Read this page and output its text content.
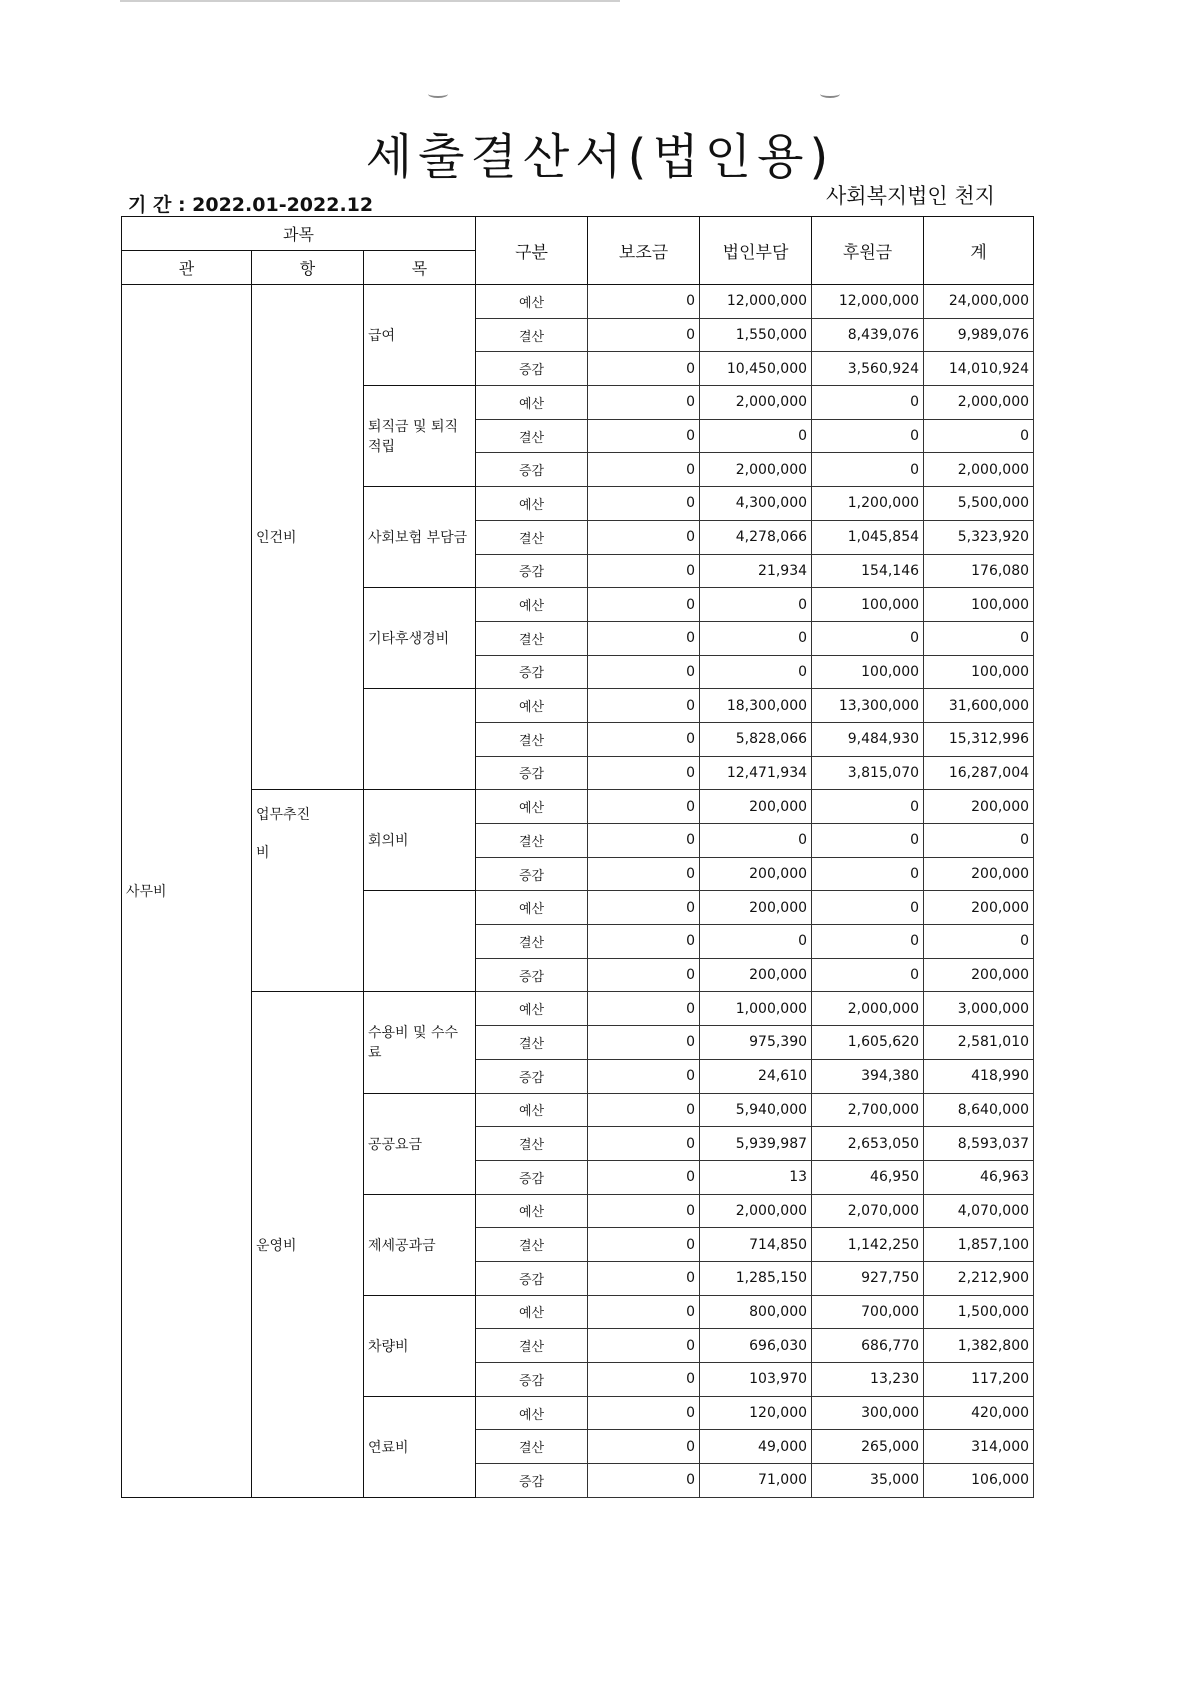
세출결산서(법인용)
기 간 : 2022.01-2022.12	사회복지법인 천지
과목			구분	보조금	법인부담	후원금	계
관	항	목					
사무비	인건비	급여	예산	0	12,000,000	12,000,000	24,000,000
			결산	0	1,550,000	8,439,076	9,989,076
			증감	0	10,450,000	3,560,924	14,010,924
		퇴직금 및 퇴직적립	예산	0	2,000,000	0	2,000,000
			결산	0	0	0	0
			증감	0	2,000,000	0	2,000,000
		사회보험 부담금	예산	0	4,300,000	1,200,000	5,500,000
			결산	0	4,278,066	1,045,854	5,323,920
			증감	0	21,934	154,146	176,080
		기타후생경비	예산	0	0	100,000	100,000
			결산	0	0	0	0
			증감	0	0	100,000	100,000
			예산	0	18,300,000	13,300,000	31,600,000
			결산	0	5,828,066	9,484,930	15,312,996
			증감	0	12,471,934	3,815,070	16,287,004

	업무추진
비	회의비	예산	0	200,000	0	200,000
			결산	0	0	0	0
			증감	0	200,000	0	200,000
			예산	0	200,000	0	200,000
			결산	0	0	0	0
			증감	0	200,000	0	200,000

	운영비	수용비 및 수수료	예산	0	1,000,000	2,000,000	3,000,000
			결산	0	975,390	1,605,620	2,581,010
			증감	0	24,610	394,380	418,990
		공공요금	예산	0	5,940,000	2,700,000	8,640,000
			결산	0	5,939,987	2,653,050	8,593,037
			증감	0	13	46,950	46,963
		제세공과금	예산	0	2,000,000	2,070,000	4,070,000
			결산	0	714,850	1,142,250	1,857,100
			증감	0	1,285,150	927,750	2,212,900
		차량비	예산	0	800,000	700,000	1,500,000
			결산	0	696,030	686,770	1,382,800
			증감	0	103,970	13,230	117,200
		연료비	예산	0	120,000	300,000	420,000
			결산	0	49,000	265,000	314,000
			증감	0	71,000	35,000	106,000
